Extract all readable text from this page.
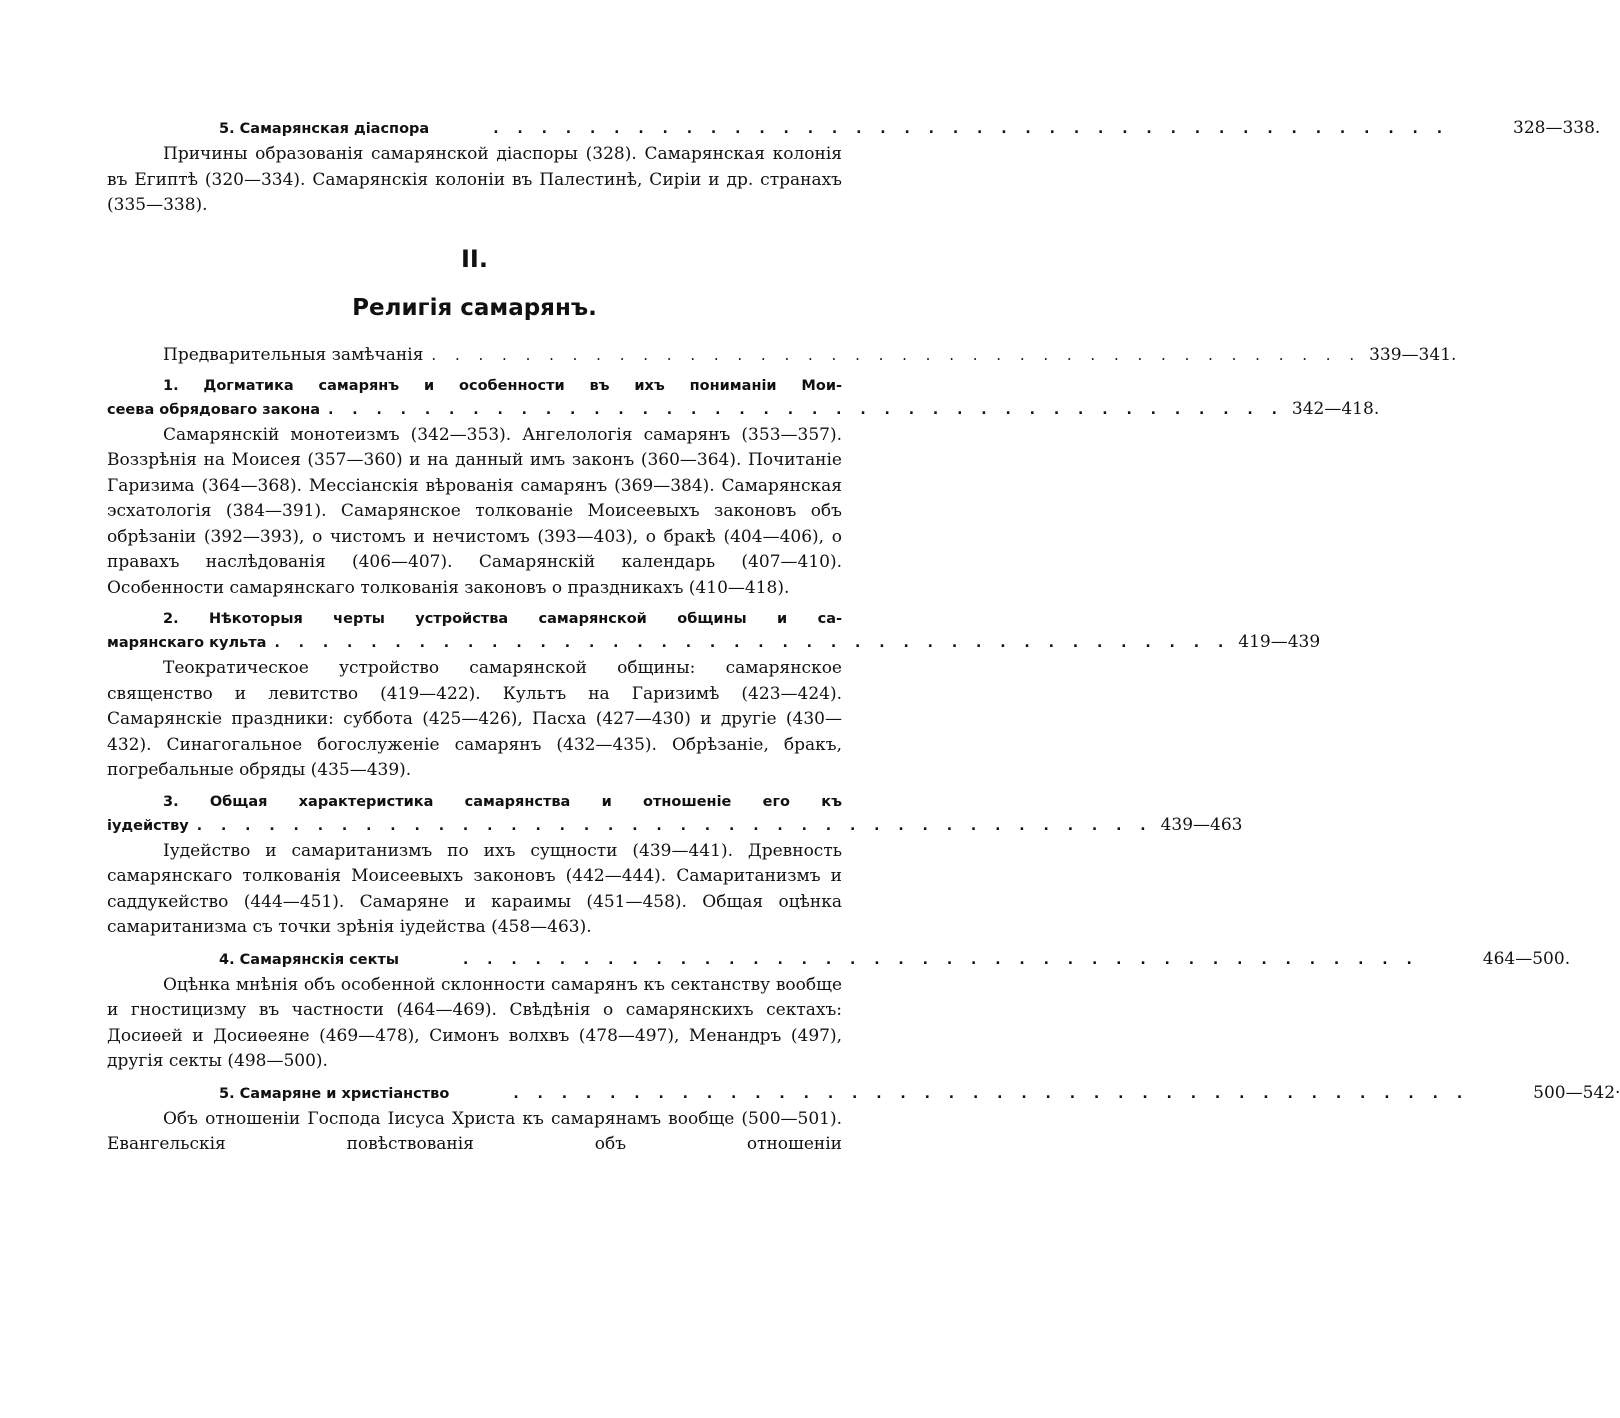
5. Самарянская діаспора	. . . . . . . . . . . . . . . . . . . . . . . . . . . . . . . . . . . . . . . .	328—338.
Причины образованія самарянской діаспоры (328). Самарянская колонія въ Египтѣ (320—334). Самарянскія колоніи въ Палестинѣ, Сиріи и др. странахъ (335—338).
II.
Религія самарянъ.
Предварительныя замѣчанія . . . . . . . . . . . . . . . . . . . . . . . . . . . . . . . . . . . . . . . . 339—341.
1. Догматика самарянъ и особенности въ ихъ пониманіи Мои-
сеева обрядоваго закона . . . . . . . . . . . . . . . . . . . . . . . . . . . . . . . . . . . . . . . . 342—418.
Самарянскій монотеизмъ (342—353). Ангелологія самарянъ (353—357). Воззрѣнія на Моисея (357—360) и на данный имъ законъ (360—364). Почитаніе Гаризима (364—368). Мессіанскія вѣрованія самарянъ (369—384). Самарянская эсхатологія (384—391). Самарянское толкованіе Моисеевыхъ законовъ объ обрѣзаніи (392—393), о чистомъ и нечистомъ (393—403), о бракѣ (404—406), о правахъ наслѣдованія (406—407). Самарянскій календарь (407—410). Особенности самарянскаго толкованія законовъ о праздникахъ (410—418).
2. Нѣкоторыя черты устройства самарянской общины и са-
марянскаго культа . . . . . . . . . . . . . . . . . . . . . . . . . . . . . . . . . . . . . . . . 419—439
Теократическое устройство самарянской общины: самарянское священство и левитство (419—422). Культъ на Гаризимѣ (423—424). Самарянскіе праздники: суббота (425—426), Пасха (427—430) и другіе (430—432). Синагогальное богослуженіе самарянъ (432—435). Обрѣзаніе, бракъ, погребальные обряды (435—439).
3. Общая характеристика самарянства и отношеніе его къ
іудейству . . . . . . . . . . . . . . . . . . . . . . . . . . . . . . . . . . . . . . . . 439—463
Іудейство и самаританизмъ по ихъ сущности (439—441). Древность самарянскаго толкованія Моисеевыхъ законовъ (442—444). Самаританизмъ и саддукейство (444—451). Самаряне и караимы (451—458). Общая оцѣнка самаританизма съ точки зрѣнія іудейства (458—463).
4. Самарянскія секты	. . . . . . . . . . . . . . . . . . . . . . . . . . . . . . . . . . . . . . . .	464—500.
Оцѣнка мнѣнія объ особенной склонности самарянъ къ сектанству вообще и гностицизму въ частности (464—469). Свѣдѣнія о самарянскихъ сектахъ: Досиѳей и Досиѳеяне (469—478), Симонъ волхвъ (478—497), Менандръ (497), другія секты (498—500).
5. Самаряне и христіанство	. . . . . . . . . . . . . . . . . . . . . . . . . . . . . . . . . . . . . . . .	500—542·
Объ отношеніи Господа Іисуса Христа къ самарянамъ вообще (500—501). Евангельскія повѣствованія объ отношеніи
